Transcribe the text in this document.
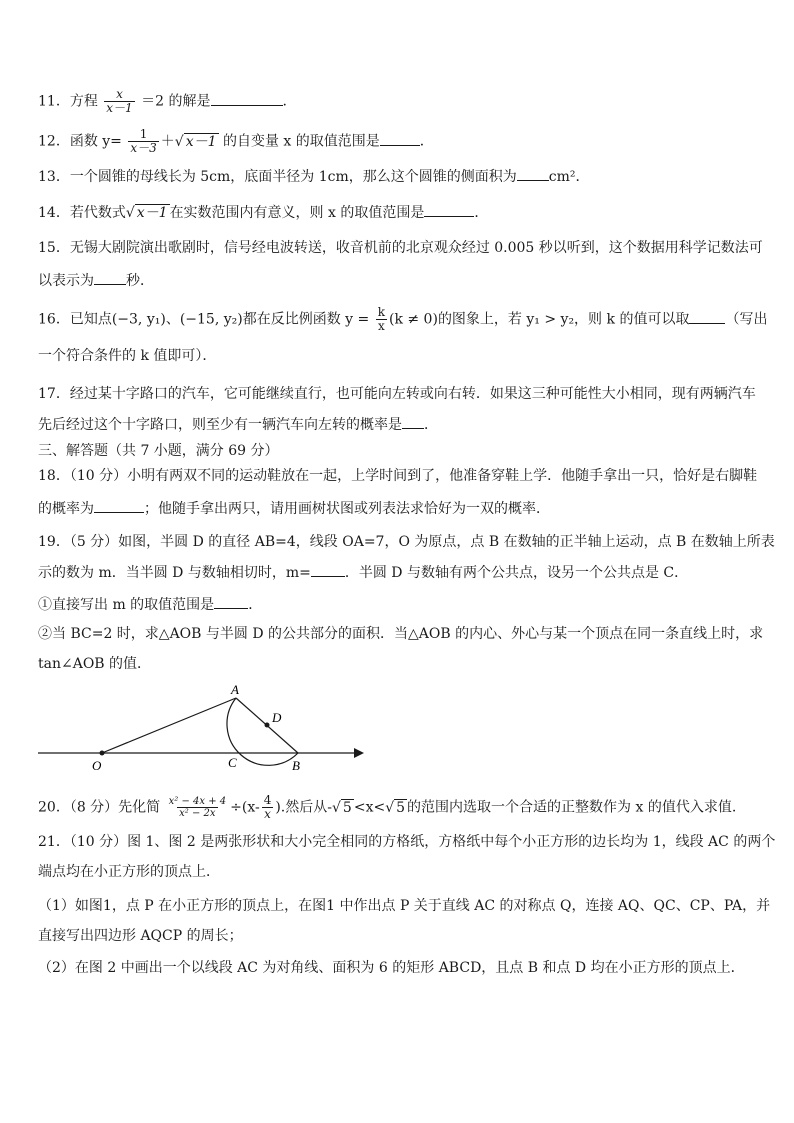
11．方程 $\frac{x}{x-1} =2$ 的解是	.
12．函数 $y= \frac{1}{x-3}$ ＋√ x－1 的自变量 x 的取值范围是	．
13．一个圆锥的母线长为 5cm，底面半径为 1cm，那么这个圆锥的侧面积为 cm²．
14．若代数式√ x－1 在实数范围内有意义，则 x 的取值范围是	．
15．无锡大剧院演出歌剧时，信号经电波转送，收音机前的北京观众经过 0.005 秒以听到，这个数据用科学记数法可
以表示为 秒．
16．已知点(−3, y₁)、(−15, y₂)都在反比例函数 $y = \frac{k}{x} (k \ne 0)$的图象上，若 y₁ > y₂，则 k 的值可以取	（写出
一个符合条件的 k 值即可）．
17．经过某十字路口的汽车，它可能继续直行，也可能向左转或向右转．如果这三种可能性大小相同，现有两辆汽车
先后经过这个十字路口，则至少有一辆汽车向左转的概率是 ．
三、解答题（共 7 小题，满分 69 分）
18．（10 分）小明有两双不同的运动鞋放在一起，上学时间到了，他准备穿鞋上学．他随手拿出一只，恰好是右脚鞋
的概率为	；他随手拿出两只，请用画树状图或列表法求恰好为一双的概率．
19．（5 分）如图，半圆 D 的直径 AB=4，线段 OA=7，O 为原点，点 B 在数轴的正半轴上运动，点 B 在数轴上所表
示的数为 m．当半圆 D 与数轴相切时，m= ．半圆 D 与数轴有两个公共点，设另一个公共点是 C．
①直接写出 m 的取值范围是 ．
②当 BC=2 时，求△AOB 与半圆 D 的公共部分的面积．当△AOB 的内心、外心与某一个顶点在同一条直线上时，求
tan∠AOB 的值．
A
D
O	C	B
20．（8 分）先化简 $\frac{\text{x² − 4x + 4}}{\text{x² − 2x}} \div(x- \frac{4}{x}$ ).然后从-√ 5 <x<√ 5 的范围内选取一个合适的正整数作为 x 的值代入求值.
21．（10 分）图 1、图 2 是两张形状和大小完全相同的方格纸，方格纸中每个小正方形的边长均为 1，线段 AC 的两个
端点均在小正方形的顶点上．
（1）如图1，点 P 在小正方形的顶点上，在图1 中作出点 P 关于直线 AC 的对称点 Q，连接 AQ、QC、CP、PA，并
直接写出四边形 AQCP 的周长；
（2）在图 2 中画出一个以线段 AC 为对角线、面积为 6 的矩形 ABCD，且点 B 和点 D 均在小正方形的顶点上．
